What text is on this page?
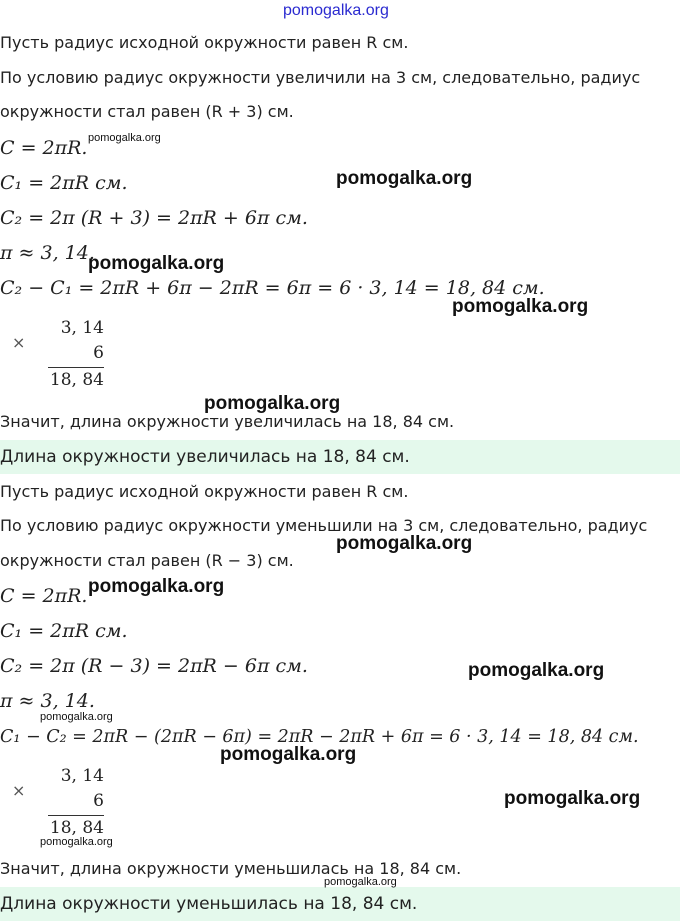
pomogalka.org
Пусть радиус исходной окружности равен R см.
По условию радиус окружности увеличили на 3 см, следовательно, радиус
окружности стал равен (R + 3) см.
C = 2πR.
C₁ = 2πR см.
C₂ = 2π (R + 3) = 2πR + 6π см.
π ≈ 3, 14.
C₂ − C₁ = 2πR + 6π − 2πR = 6π = 6 · 3, 14 = 18, 84 см.
×
3, 14
6
18, 84
Значит, длина окружности увеличилась на 18, 84 см.
Длина окружности увеличилась на 18, 84 см.
Пусть радиус исходной окружности равен R см.
По условию радиус окружности уменьшили на 3 см, следовательно, радиус
окружности стал равен (R − 3) см.
C = 2πR.
C₁ = 2πR см.
C₂ = 2π (R − 3) = 2πR − 6π см.
π ≈ 3, 14.
C₁ − C₂ = 2πR − (2πR − 6π) = 2πR − 2πR + 6π = 6 · 3, 14 = 18, 84 см.
×
3, 14
6
18, 84
Значит, длина окружности уменьшилась на 18, 84 см.
Длина окружности уменьшилась на 18, 84 см.
pomogalka.org
pomogalka.org
pomogalka.org
pomogalka.org
pomogalka.org
pomogalka.org
pomogalka.org
pomogalka.org
pomogalka.org
pomogalka.org
pomogalka.org
pomogalka.org
pomogalka.org
